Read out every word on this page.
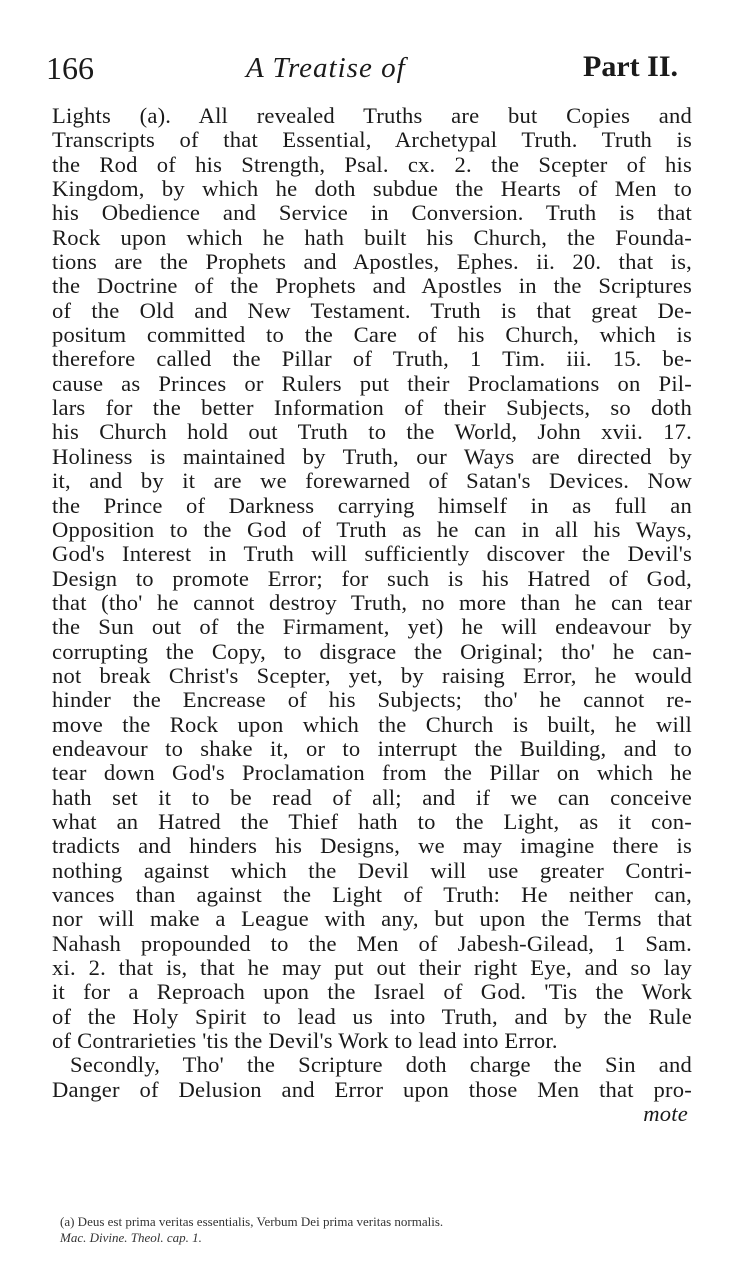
166	A Treatise of	Part II.
Lights (a). All revealed Truths are but Copies and
Transcripts of that Essential, Archetypal Truth. Truth is
the Rod of his Strength, Psal. cx. 2. the Scepter of his
Kingdom, by which he doth subdue the Hearts of Men to
his Obedience and Service in Conversion. Truth is that
Rock upon which he hath built his Church, the Founda-
tions are the Prophets and Apostles, Ephes. ii. 20. that is,
the Doctrine of the Prophets and Apostles in the Scriptures
of the Old and New Testament. Truth is that great De-
positum committed to the Care of his Church, which is
therefore called the Pillar of Truth, 1 Tim. iii. 15. be-
cause as Princes or Rulers put their Proclamations on Pil-
lars for the better Information of their Subjects, so doth
his Church hold out Truth to the World, John xvii. 17.
Holiness is maintained by Truth, our Ways are directed by
it, and by it are we forewarned of Satan's Devices. Now
the Prince of Darkness carrying himself in as full an
Opposition to the God of Truth as he can in all his Ways,
God's Interest in Truth will sufficiently discover the Devil's
Design to promote Error; for such is his Hatred of God,
that (tho' he cannot destroy Truth, no more than he can tear
the Sun out of the Firmament, yet) he will endeavour by
corrupting the Copy, to disgrace the Original; tho' he can-
not break Christ's Scepter, yet, by raising Error, he would
hinder the Encrease of his Subjects; tho' he cannot re-
move the Rock upon which the Church is built, he will
endeavour to shake it, or to interrupt the Building, and to
tear down God's Proclamation from the Pillar on which he
hath set it to be read of all; and if we can conceive
what an Hatred the Thief hath to the Light, as it con-
tradicts and hinders his Designs, we may imagine there is
nothing against which the Devil will use greater Contri-
vances than against the Light of Truth: He neither can,
nor will make a League with any, but upon the Terms that
Nahash propounded to the Men of Jabesh-Gilead, 1 Sam.
xi. 2. that is, that he may put out their right Eye, and so lay
it for a Reproach upon the Israel of God. 'Tis the Work
of the Holy Spirit to lead us into Truth, and by the Rule
of Contrarieties 'tis the Devil's Work to lead into Error.
Secondly, Tho' the Scripture doth charge the Sin and
Danger of Delusion and Error upon those Men that pro-
mote
(a) Deus est prima veritas essentialis, Verbum Dei prima veritas normalis.
Mac. Divine. Theol. cap. 1.
